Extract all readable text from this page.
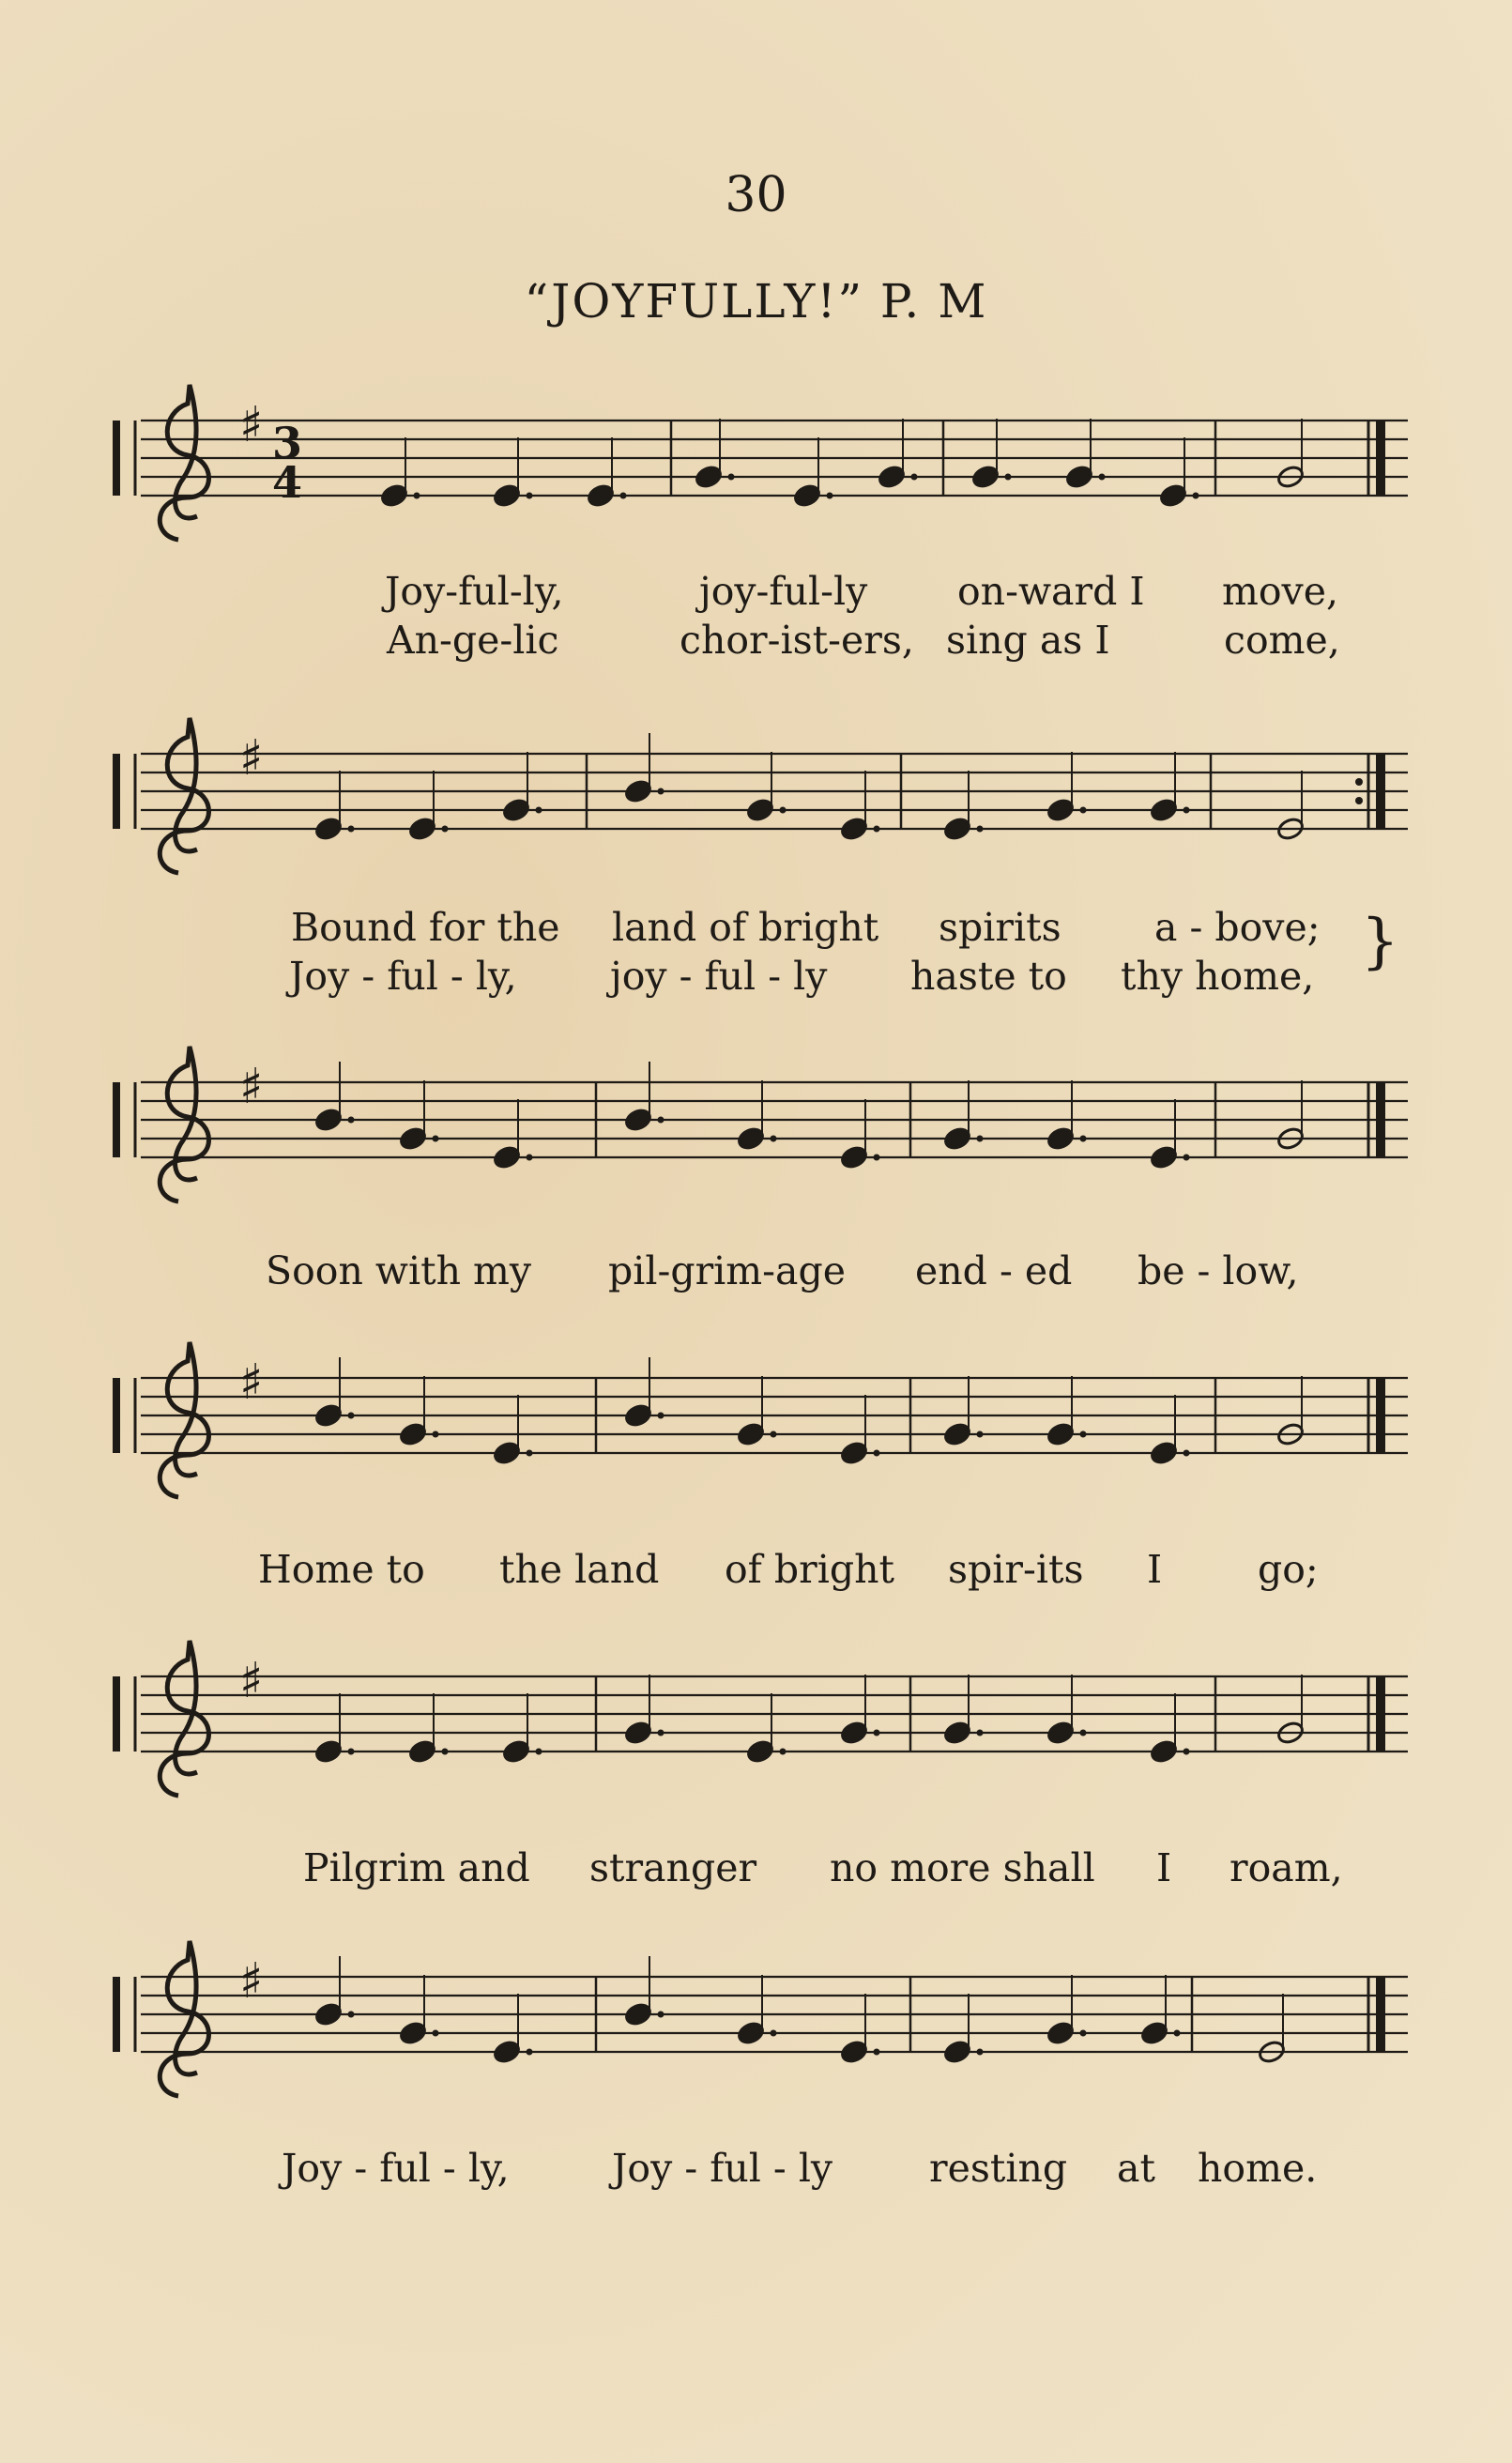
30
“JOYFULLY!” P. M
♯ 3
4
Joy-ful-ly,	joy-ful-ly on-ward I move,
An-ge-lic	chor-ist-ers, sing as I	come,
♯
Bound for the land of bright spirits a - bove;
Joy - ful - ly, joy - ful - ly haste to thy home, }
♯
Soon with my pil-grim-age end - ed be - low,
♯
Home to the land of bright spir-its I go;
♯
Pilgrim and stranger no more shall I roam,
♯
Joy - ful - ly,	Joy - ful - ly	resting at home.
